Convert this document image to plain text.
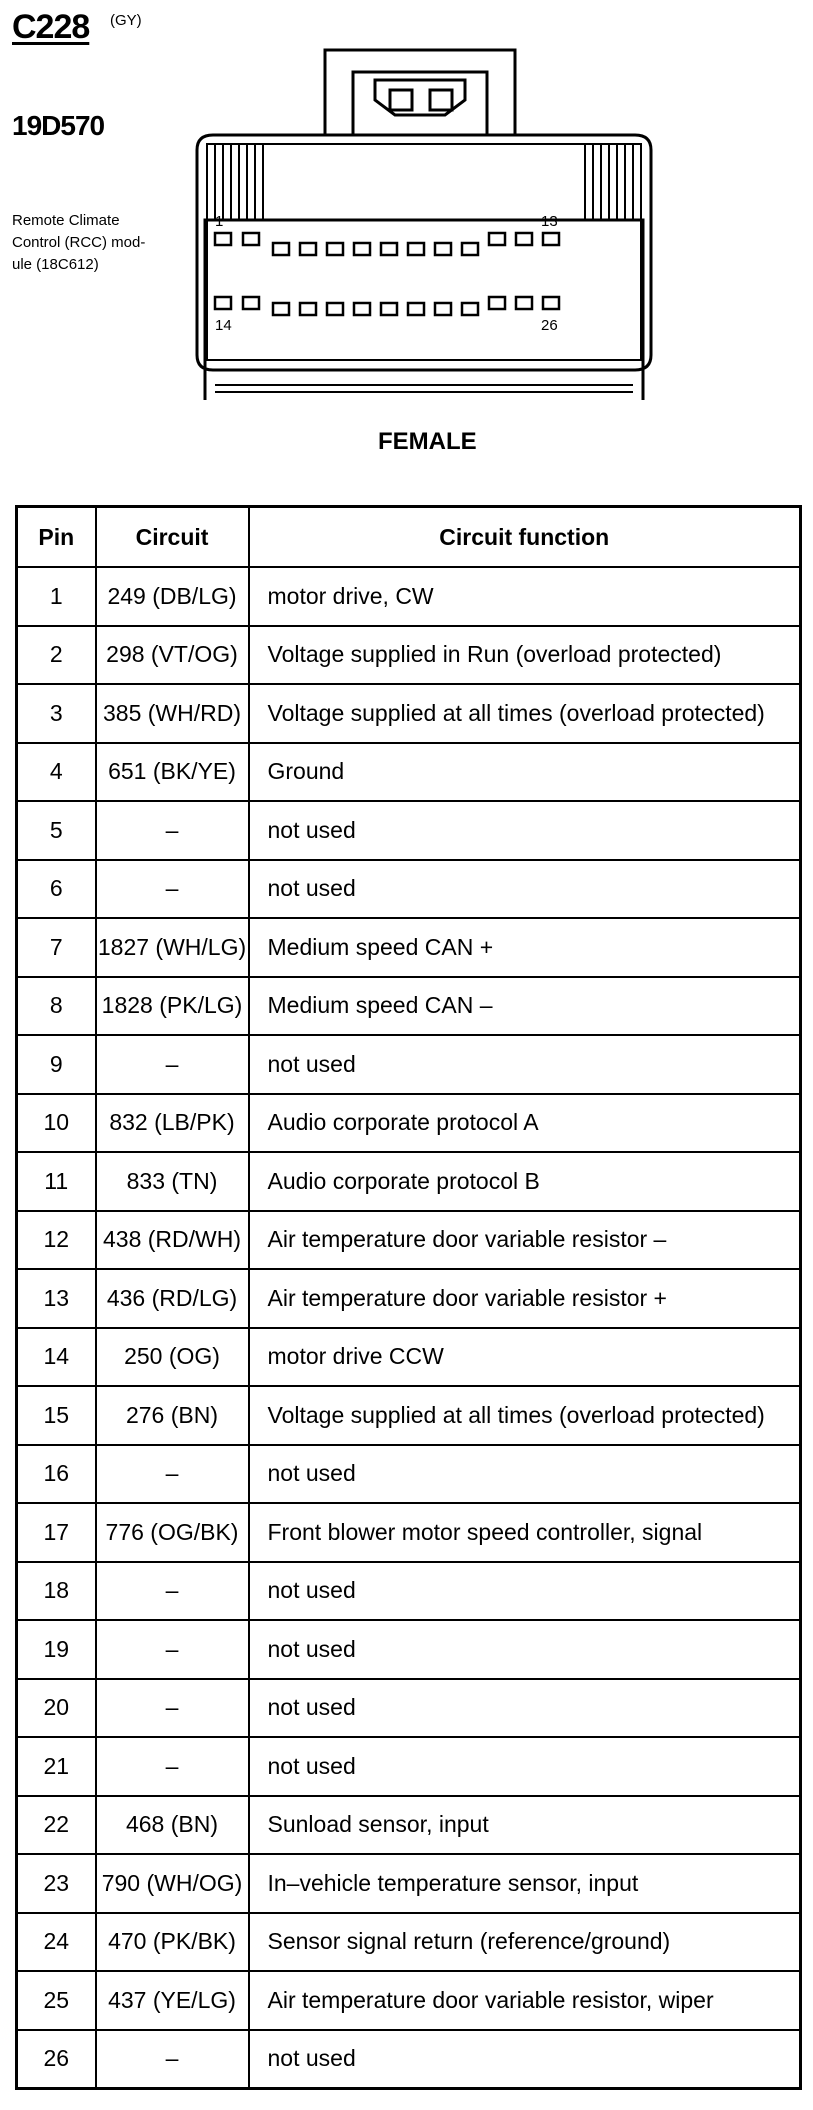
C228 (GY)
19D570
Remote Climate Control (RCC) mod-ule (18C612)
1	13
14	26
FEMALE
Pin	Circuit	Circuit function
1	249 (DB/LG)	motor drive, CW
2	298 (VT/OG)	Voltage supplied in Run (overload protected)
3	385 (WH/RD)	Voltage supplied at all times (overload protected)
4	651 (BK/YE)	Ground
5	–	not used
6	–	not used
7	1827 (WH/LG)	Medium speed CAN +
8	1828 (PK/LG)	Medium speed CAN –
9	–	not used
10	832 (LB/PK)	Audio corporate protocol A
11	833 (TN)	Audio corporate protocol B
12	438 (RD/WH)	Air temperature door variable resistor –
13	436 (RD/LG)	Air temperature door variable resistor +
14	250 (OG)	motor drive CCW
15	276 (BN)	Voltage supplied at all times (overload protected)
16	–	not used
17	776 (OG/BK)	Front blower motor speed controller, signal
18	–	not used
19	–	not used
20	–	not used
21	–	not used
22	468 (BN)	Sunload sensor, input
23	790 (WH/OG)	In–vehicle temperature sensor, input
24	470 (PK/BK)	Sensor signal return (reference/ground)
25	437 (YE/LG)	Air temperature door variable resistor, wiper
26	–	not used
